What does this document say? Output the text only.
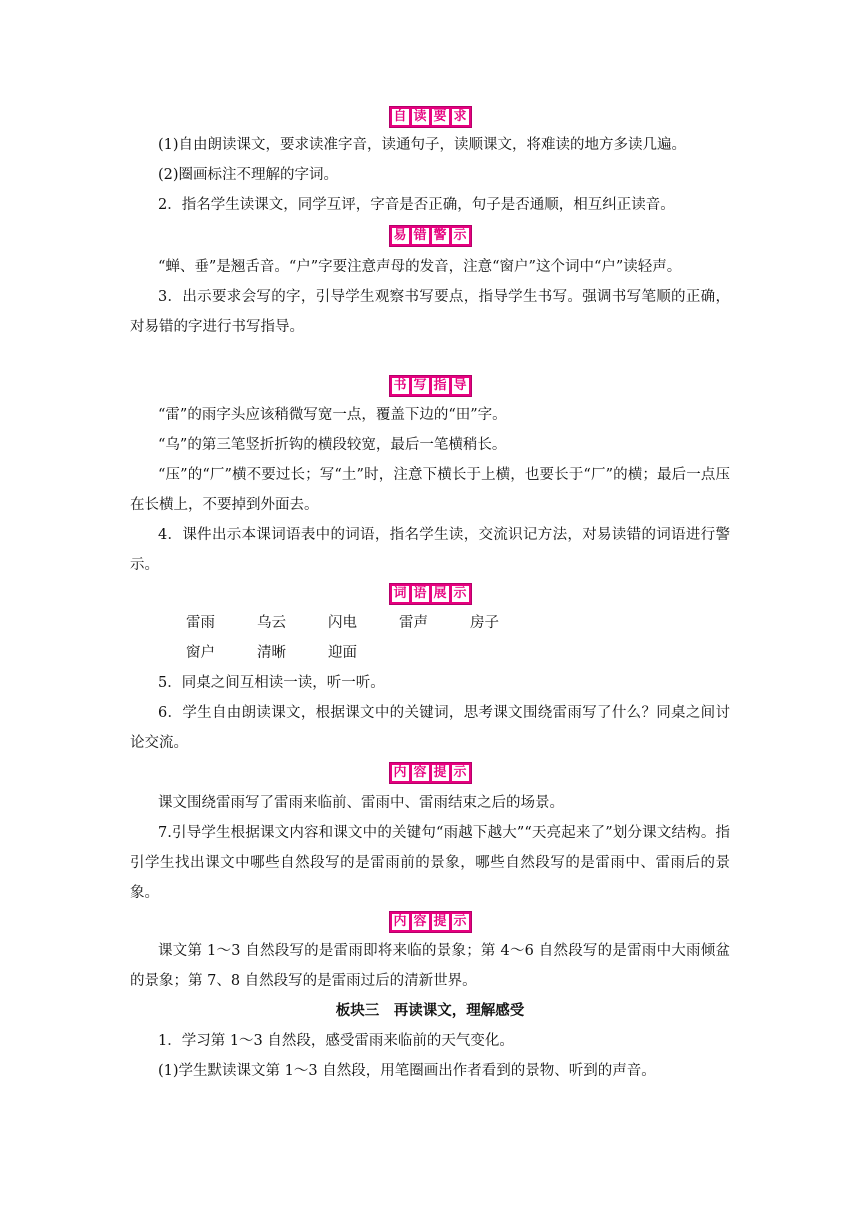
自 读 要 求

(1)自由朗读课文，要求读准字音，读通句子，读顺课文，将难读的地方多读几遍。

(2)圈画标注不理解的字词。

2．指名学生读课文，同学互评，字音是否正确，句子是否通顺，相互纠正读音。

易 错 警 示

“蝉、垂”是翘舌音。“户”字要注意声母的发音，注意“窗户”这个词中“户”读轻声。

3．出示要求会写的字，引导学生观察书写要点，指导学生书写。强调书写笔顺的正确，对易错的字进行书写指导。

书 写 指 导

“雷”的雨字头应该稍微写宽一点，覆盖下边的“田”字。

“乌”的第三笔竖折折钩的横段较宽，最后一笔横稍长。

“压”的“厂”横不要过长；写“土”时，注意下横长于上横，也要长于“厂”的横；最后一点压在长横上，不要掉到外面去。

4．课件出示本课词语表中的词语，指名学生读，交流识记方法，对易读错的词语进行警示。

词 语 展 示

雷雨	乌云	闪电	雷声	房子

窗户	清晰	迎面

5．同桌之间互相读一读，听一听。

6．学生自由朗读课文，根据课文中的关键词，思考课文围绕雷雨写了什么？同桌之间讨论交流。

内 容 提 示

课文围绕雷雨写了雷雨来临前、雷雨中、雷雨结束之后的场景。

7.引导学生根据课文内容和课文中的关键句“雨越下越大”“天亮起来了”划分课文结构。指引学生找出课文中哪些自然段写的是雷雨前的景象，哪些自然段写的是雷雨中、雷雨后的景象。

内 容 提 示

课文第 1～3 自然段写的是雷雨即将来临的景象；第 4～6 自然段写的是雷雨中大雨倾盆的景象；第 7、8 自然段写的是雷雨过后的清新世界。

板块三　再读课文，理解感受

1．学习第 1～3 自然段，感受雷雨来临前的天气变化。

(1)学生默读课文第 1～3 自然段，用笔圈画出作者看到的景物、听到的声音。
